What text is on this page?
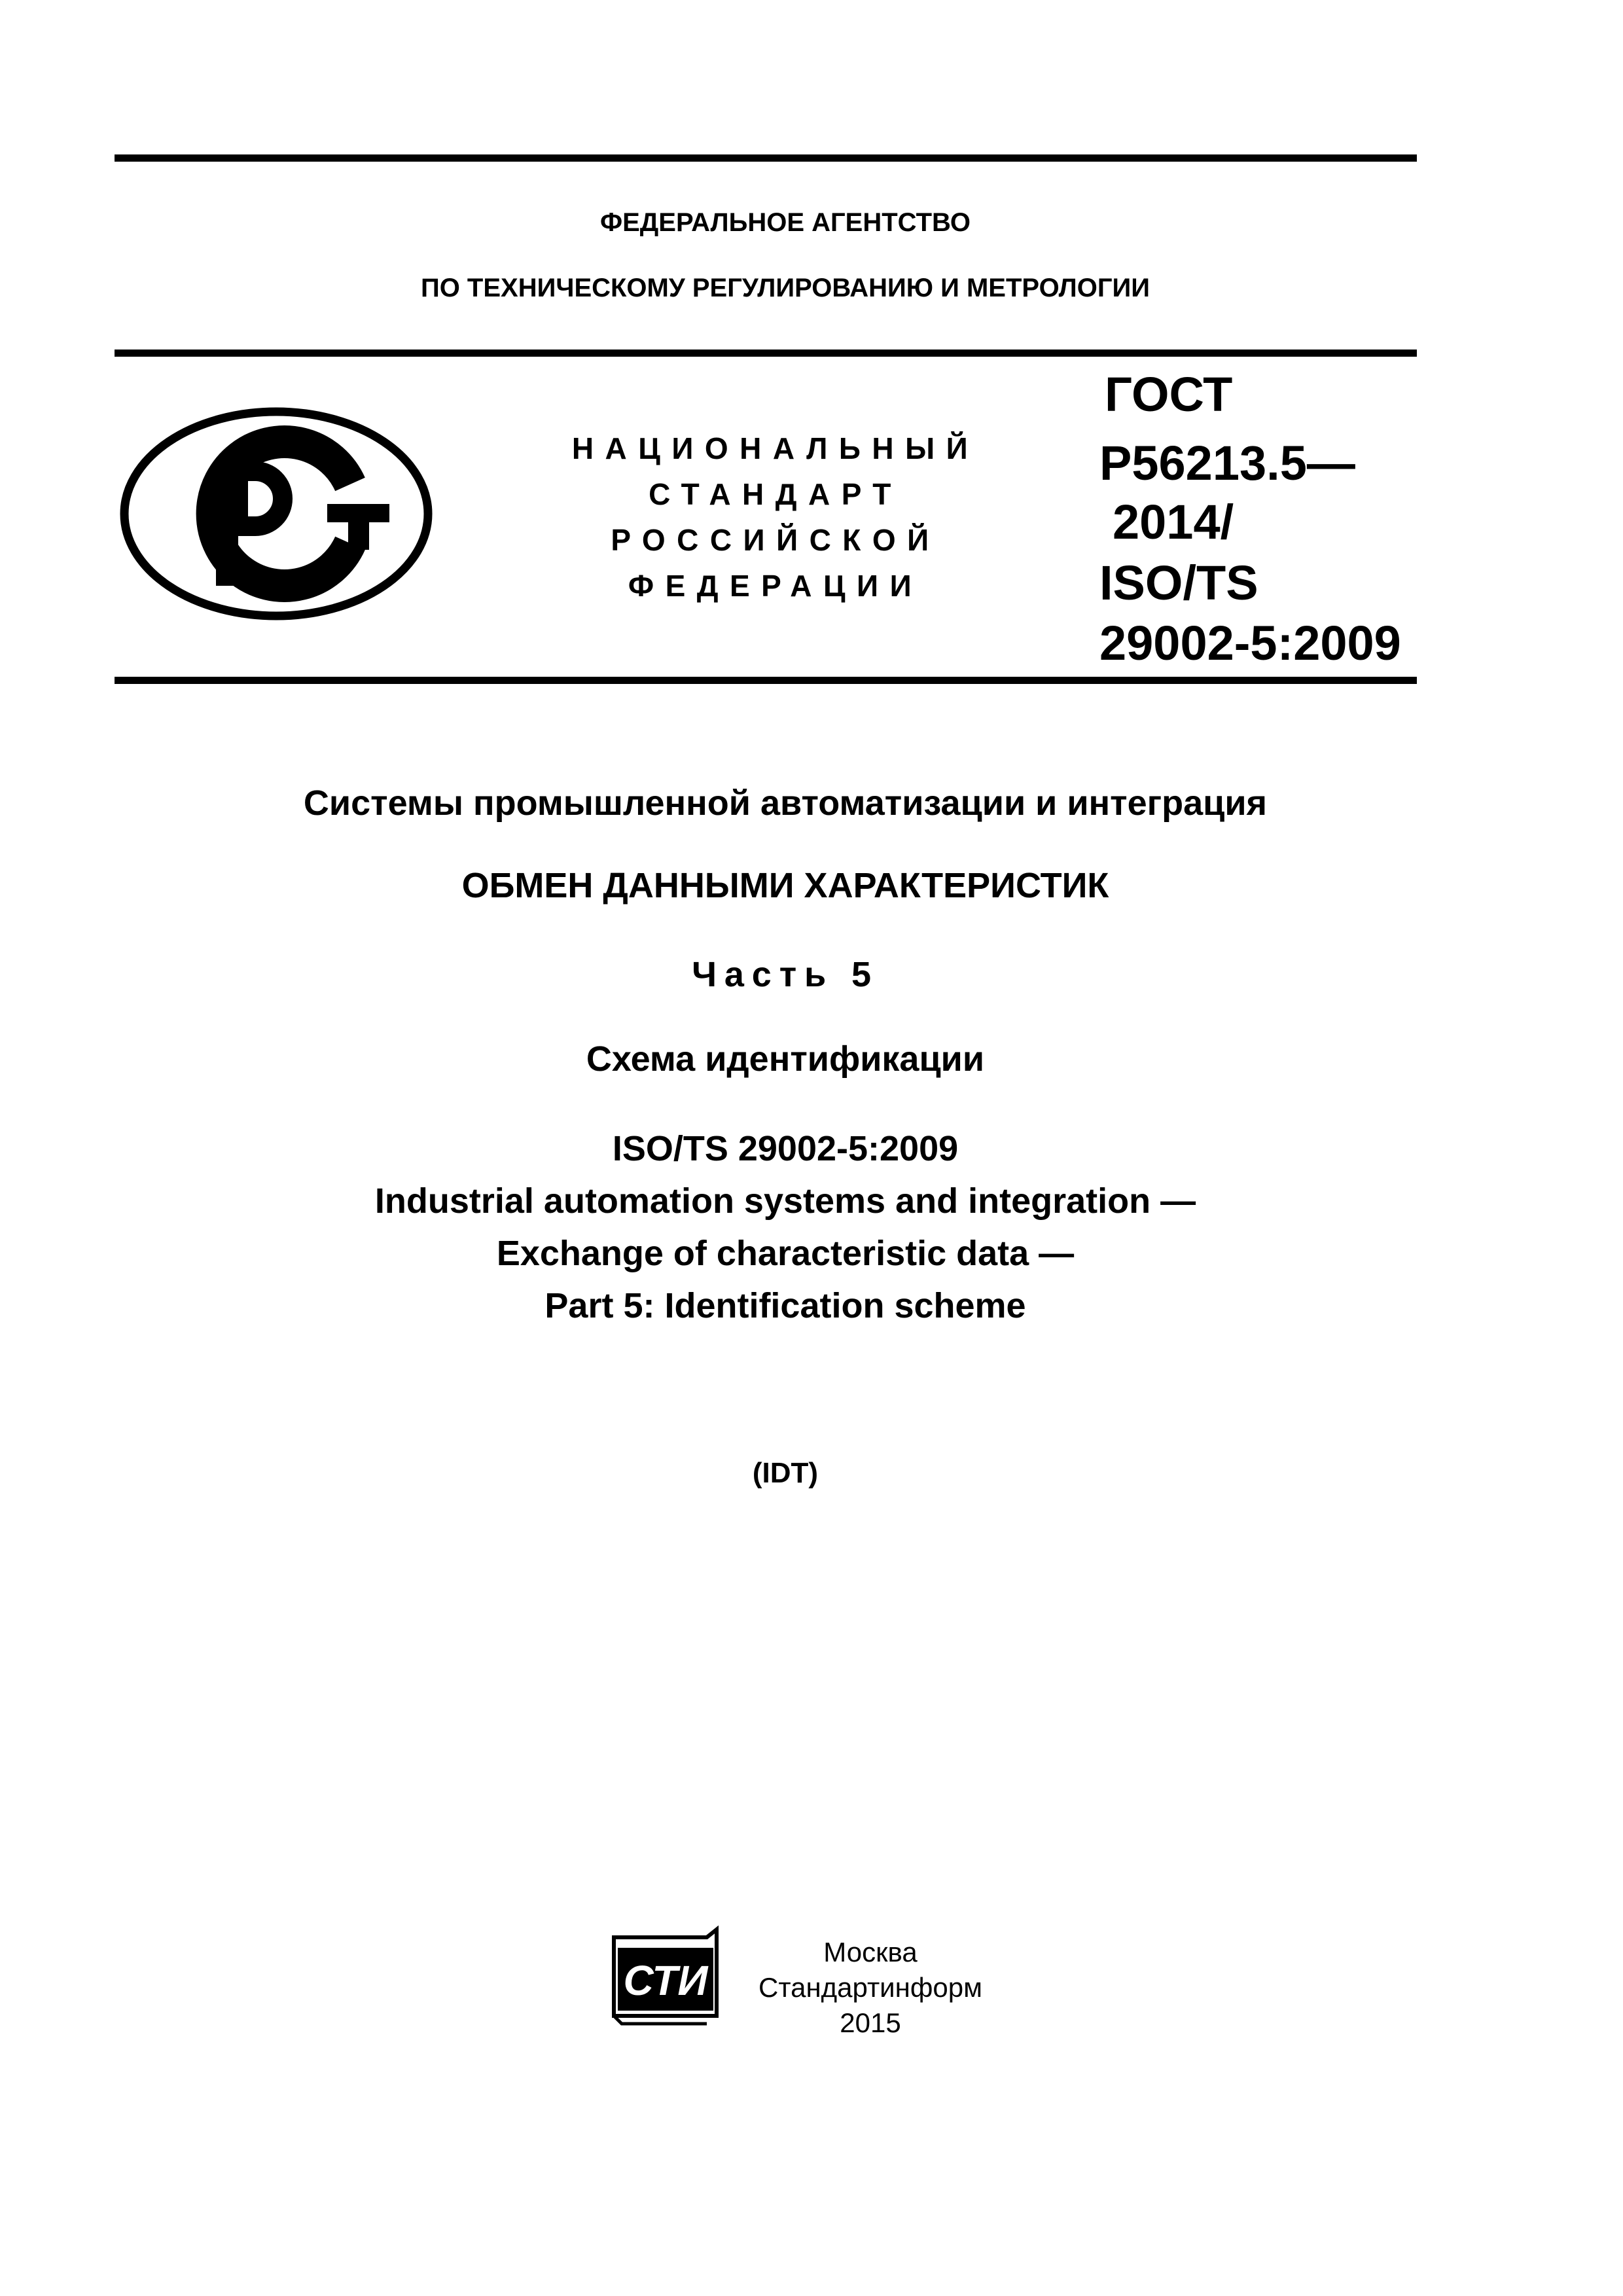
ФЕДЕРАЛЬНОЕ АГЕНТСТВО
ПО ТЕХНИЧЕСКОМУ РЕГУЛИРОВАНИЮ И МЕТРОЛОГИИ
НАЦИОНАЛЬНЫЙ
СТАНДАРТ
РОССИЙСКОЙ
ФЕДЕРАЦИИ
ГОСТ
Р56213.5—
2014/
ISO/TS
29002-5:2009
Системы промышленной автоматизации и интеграция
ОБМЕН ДАННЫМИ ХАРАКТЕРИСТИК
Часть 5
Схема идентификации
ISO/TS 29002-5:2009
Industrial automation systems and integration —
Exchange of characteristic data —
Part 5: Identification scheme
(IDT)
СТИ
Москва
Стандартинформ
2015
